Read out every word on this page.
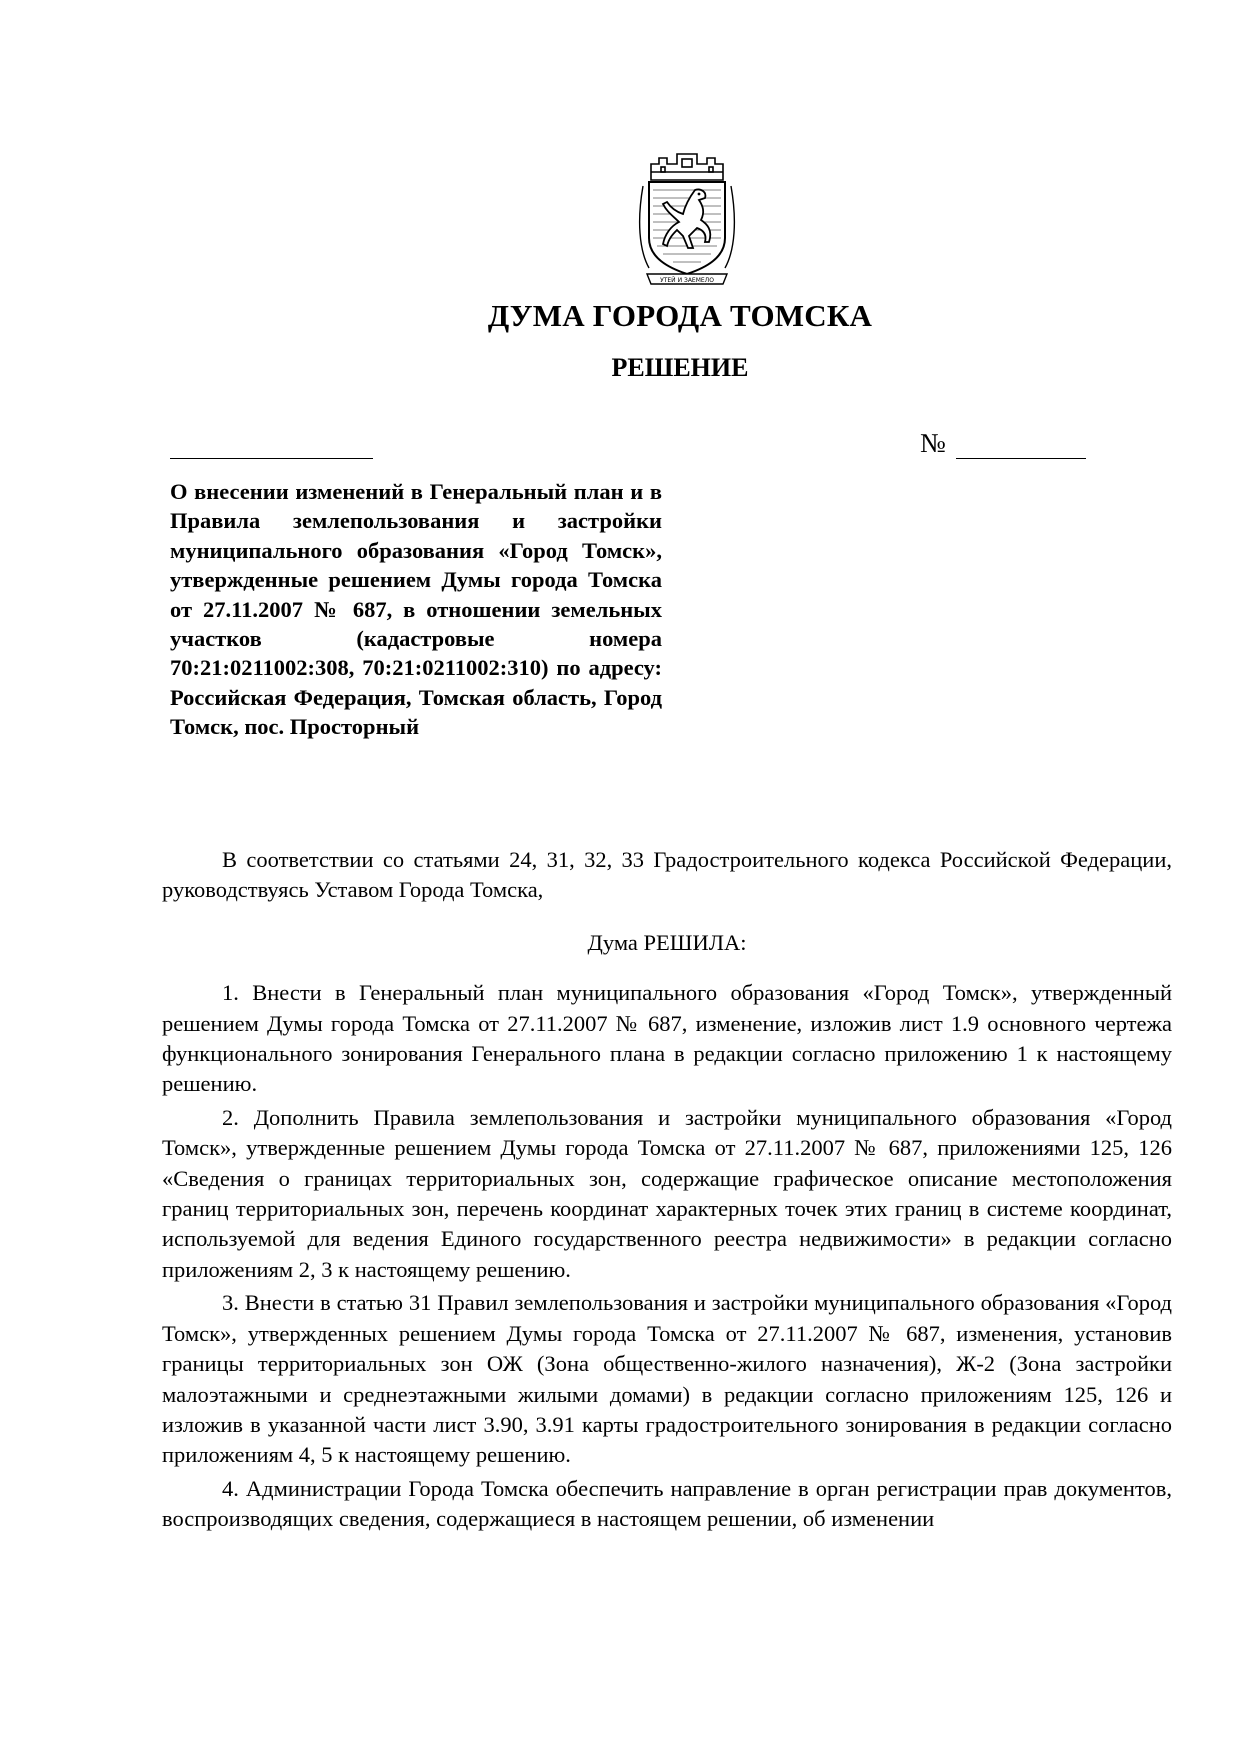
УТЕЙ И ЗАЕМЕЛО
ДУМА ГОРОДА ТОМСКА
РЕШЕНИЕ
№
О внесении изменений в Генеральный план и в Правила землепользования и застройки муниципального образования «Город Томск», утвержденные решением Думы города Томска от 27.11.2007 № 687, в отношении земельных участков (кадастровые номера 70:21:0211002:308, 70:21:0211002:310) по адресу: Российская Федерация, Томская область, Город Томск, пос. Просторный

В соответствии со статьями 24, 31, 32, 33 Градостроительного кодекса Российской Федерации, руководствуясь Уставом Города Томска,

Дума РЕШИЛА:

1. Внести в Генеральный план муниципального образования «Город Томск», утвержденный решением Думы города Томска от 27.11.2007 № 687, изменение, изложив лист 1.9 основного чертежа функционального зонирования Генерального плана в редакции согласно приложению 1 к настоящему решению.

2. Дополнить Правила землепользования и застройки муниципального образования «Город Томск», утвержденные решением Думы города Томска от 27.11.2007 № 687, приложениями 125, 126 «Сведения о границах территориальных зон, содержащие графическое описание местоположения границ территориальных зон, перечень координат характерных точек этих границ в системе координат, используемой для ведения Единого государственного реестра недвижимости» в редакции согласно приложениям 2, 3 к настоящему решению.

3. Внести в статью 31 Правил землепользования и застройки муниципального образования «Город Томск», утвержденных решением Думы города Томска от 27.11.2007 № 687, изменения, установив границы территориальных зон ОЖ (Зона общественно-жилого назначения), Ж-2 (Зона застройки малоэтажными и среднеэтажными жилыми домами) в редакции согласно приложениям 125, 126 и изложив в указанной части лист 3.90, 3.91 карты градостроительного зонирования в редакции согласно приложениям 4, 5 к настоящему решению.

4. Администрации Города Томска обеспечить направление в орган регистрации прав документов, воспроизводящих сведения, содержащиеся в настоящем решении, об изменении
